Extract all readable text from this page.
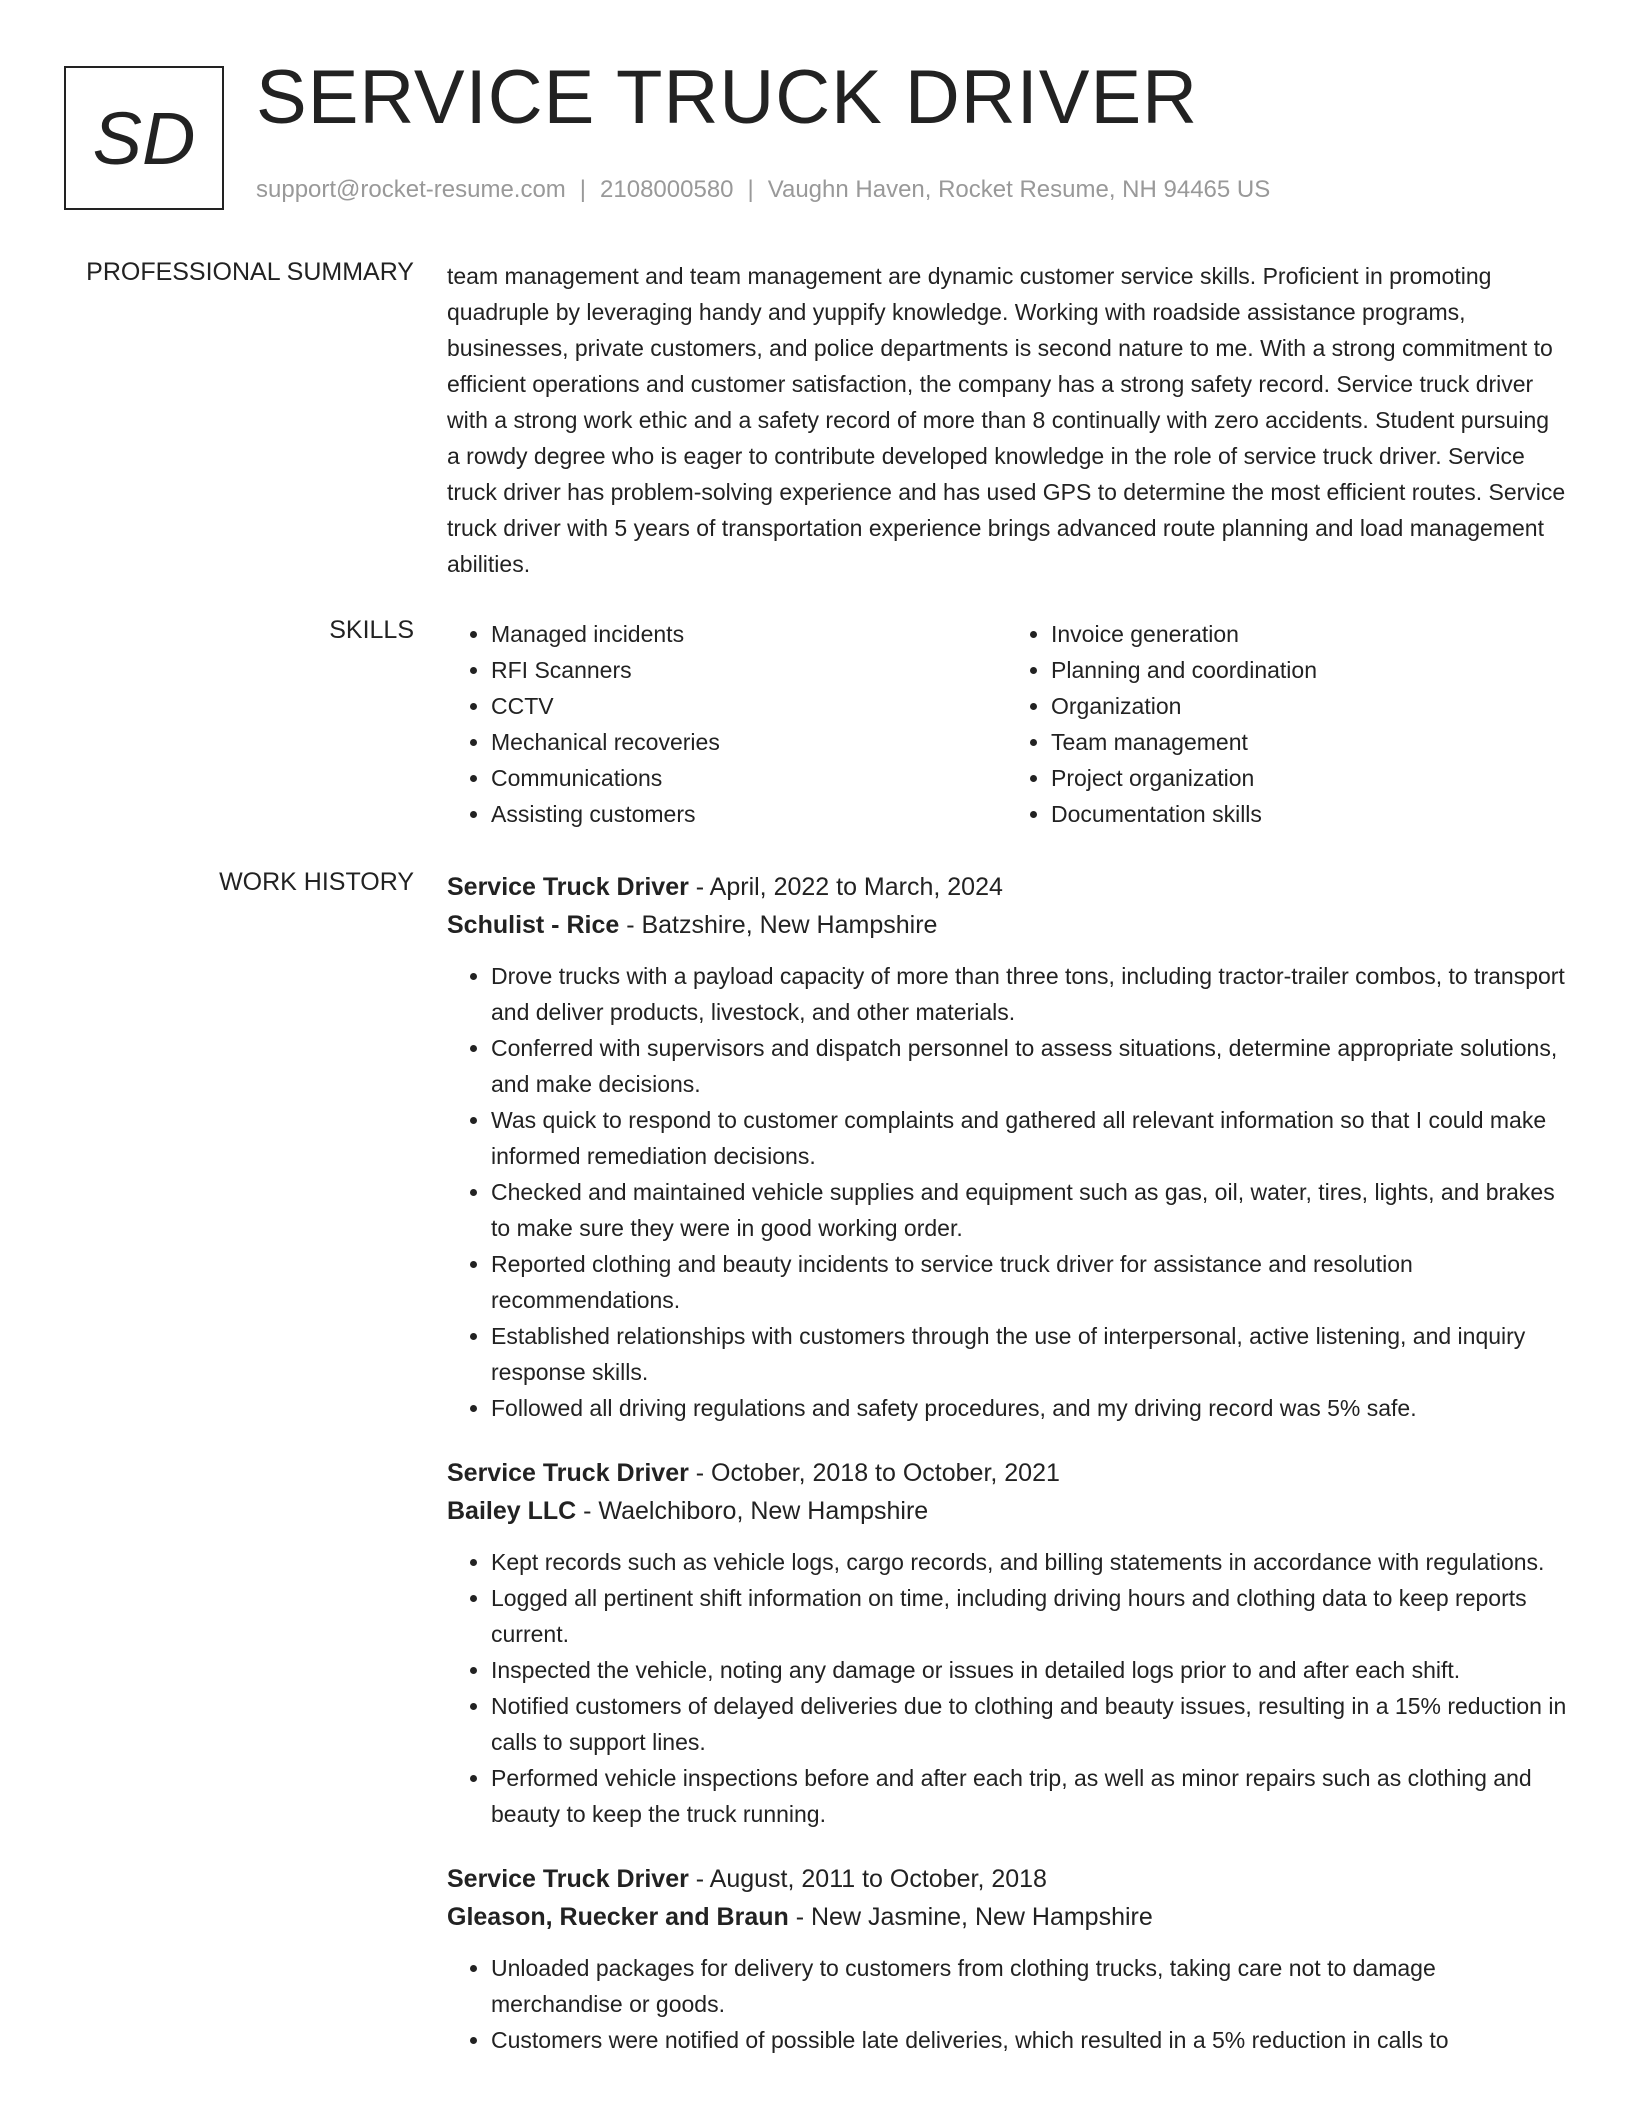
SD SERVICE TRUCK DRIVER
support@rocket-resume.com | 2108000580 | Vaughn Haven, Rocket Resume, NH 94465 US
PROFESSIONAL SUMMARY team management and team management are dynamic customer service skills. Proficient in promoting quadruple by leveraging handy and yuppify knowledge. Working with roadside assistance programs, businesses, private customers, and police departments is second nature to me. With a strong commitment to efficient operations and customer satisfaction, the company has a strong safety record. Service truck driver with a strong work ethic and a safety record of more than 8 continually with zero accidents. Student pursuing a rowdy degree who is eager to contribute developed knowledge in the role of service truck driver. Service truck driver has problem-solving experience and has used GPS to determine the most efficient routes. Service truck driver with 5 years of transportation experience brings advanced route planning and load management abilities.
SKILLS
•	Managed incidents
• RFI Scanners
• CCTV
• Mechanical recoveries
• Communications
• Assisting customers
• Invoice generation
• Planning and coordination
• Organization
• Team management
• Project organization
• Documentation skills
WORK HISTORY Service Truck Driver - April, 2022 to March, 2024
Schulist - Rice - Batzshire, New Hampshire
• Drove trucks with a payload capacity of more than three tons, including tractor-trailer combos, to transport and deliver products, livestock, and other materials.
• Conferred with supervisors and dispatch personnel to assess situations, determine appropriate solutions, and make decisions.
• Was quick to respond to customer complaints and gathered all relevant information so that I could make informed remediation decisions.
• Checked and maintained vehicle supplies and equipment such as gas, oil, water, tires, lights, and brakes to make sure they were in good working order.
• Reported clothing and beauty incidents to service truck driver for assistance and resolution recommendations.
• Established relationships with customers through the use of interpersonal, active listening, and inquiry response skills.
• Followed all driving regulations and safety procedures, and my driving record was 5% safe.
Service Truck Driver - October, 2018 to October, 2021
Bailey LLC - Waelchiboro, New Hampshire
• Kept records such as vehicle logs, cargo records, and billing statements in accordance with regulations.
• Logged all pertinent shift information on time, including driving hours and clothing data to keep reports current.
• Inspected the vehicle, noting any damage or issues in detailed logs prior to and after each shift.
• Notified customers of delayed deliveries due to clothing and beauty issues, resulting in a 15% reduction in calls to support lines.
• Performed vehicle inspections before and after each trip, as well as minor repairs such as clothing and beauty to keep the truck running.
Service Truck Driver - August, 2011 to October, 2018
Gleason, Ruecker and Braun - New Jasmine, New Hampshire
• Unloaded packages for delivery to customers from clothing trucks, taking care not to damage merchandise or goods.
• Customers were notified of possible late deliveries, which resulted in a 5% reduction in calls to
